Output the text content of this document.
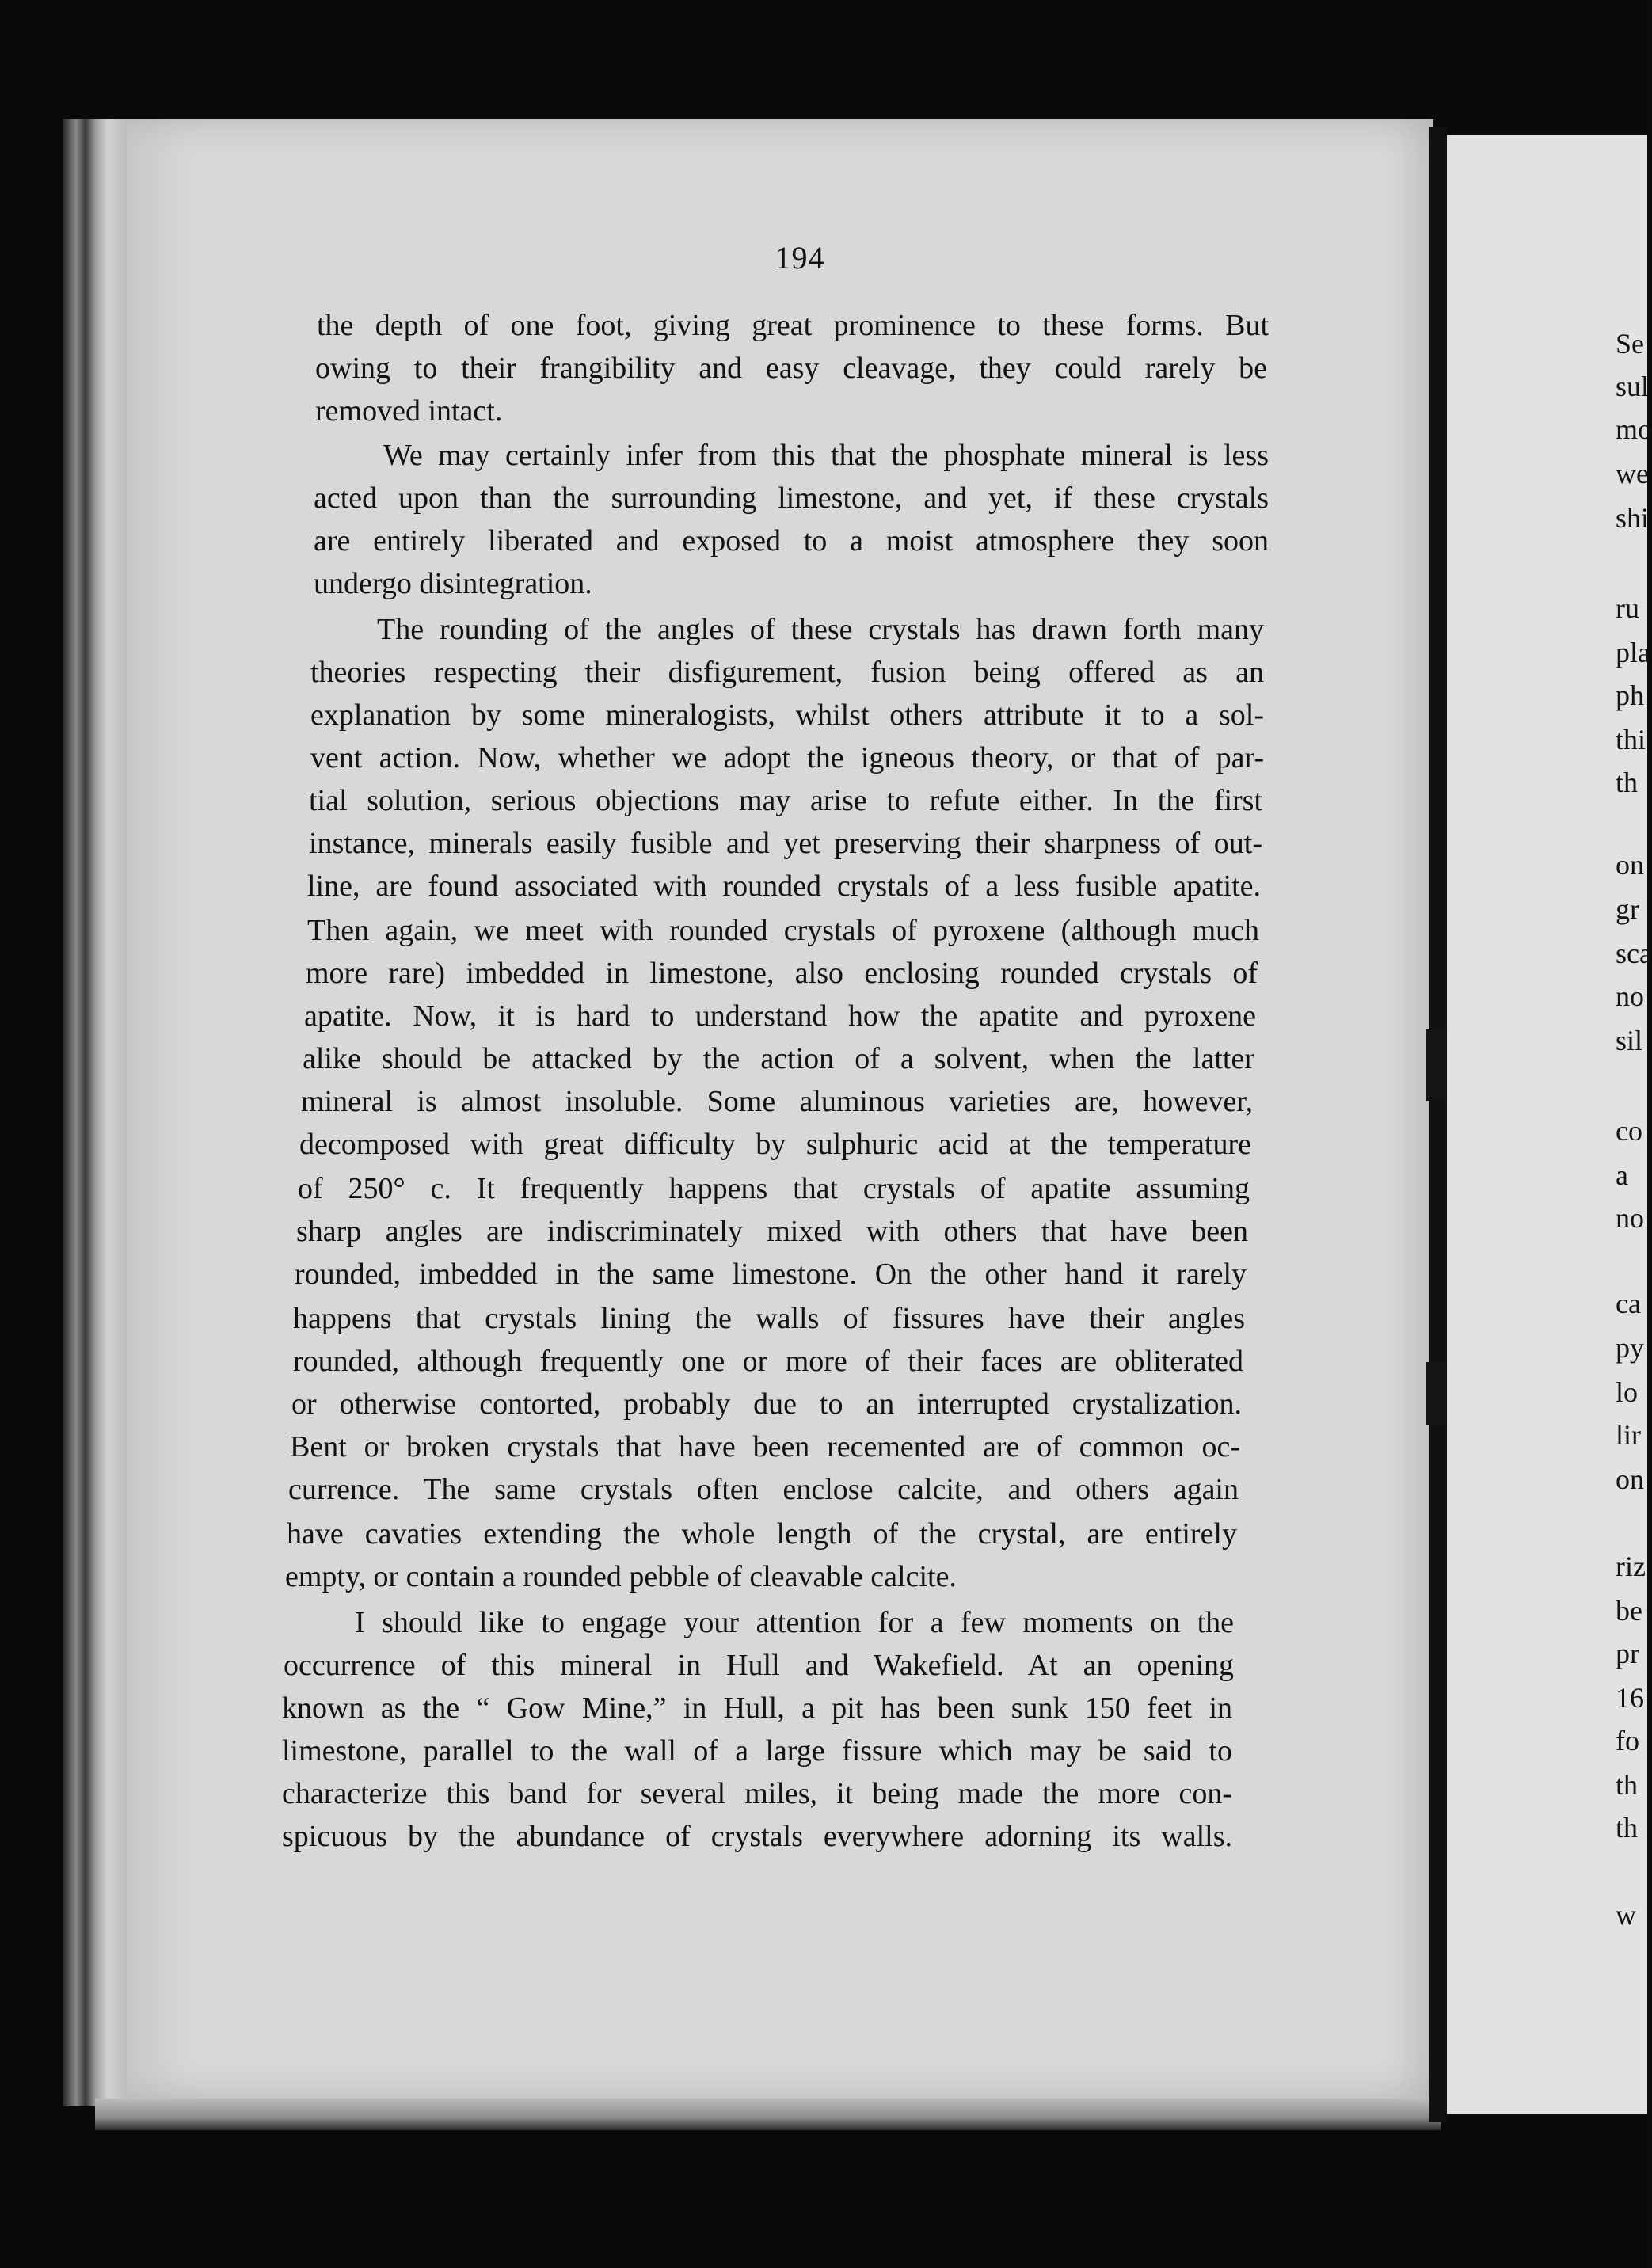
194
the depth of one foot, giving great prominence to these forms. But
owing to their frangibility and easy cleavage, they could rarely be
removed intact.
We may certainly infer from this that the phosphate mineral is less
acted upon than the surrounding limestone, and yet, if these crystals
are entirely liberated and exposed to a moist atmosphere they soon
undergo disintegration.
The rounding of the angles of these crystals has drawn forth many
theories respecting their disfigurement, fusion being offered as an
explanation by some mineralogists, whilst others attribute it to a sol-
vent action. Now, whether we adopt the igneous theory, or that of par-
tial solution, serious objections may arise to refute either. In the first
instance, minerals easily fusible and yet preserving their sharpness of out-
line, are found associated with rounded crystals of a less fusible apatite.
Then again, we meet with rounded crystals of pyroxene (although much
more rare) imbedded in limestone, also enclosing rounded crystals of
apatite. Now, it is hard to understand how the apatite and pyroxene
alike should be attacked by the action of a solvent, when the latter
mineral is almost insoluble. Some aluminous varieties are, however,
decomposed with great difficulty by sulphuric acid at the temperature
of 250° c. It frequently happens that crystals of apatite assuming
sharp angles are indiscriminately mixed with others that have been
rounded, imbedded in the same limestone. On the other hand it rarely
happens that crystals lining the walls of fissures have their angles
rounded, although frequently one or more of their faces are obliterated
or otherwise contorted, probably due to an interrupted crystalization.
Bent or broken crystals that have been recemented are of common oc-
currence. The same crystals often enclose calcite, and others again
have cavaties extending the whole length of the crystal, are entirely
empty, or contain a rounded pebble of cleavable calcite.
I should like to engage your attention for a few moments on the
occurrence of this mineral in Hull and Wakefield. At an opening
known as the “ Gow Mine,” in Hull, a pit has been sunk 150 feet in
limestone, parallel to the wall of a large fissure which may be said to
characterize this band for several miles, it being made the more con-
spicuous by the abundance of crystals everywhere adorning its walls.
Se
sul
mo
we
shi
ru
pla
ph
thi
th
on
gr
sca
no
sil
co
a
no
ca
py
lo
lir
on
riz
be
pr
16
fo
th
th
w
